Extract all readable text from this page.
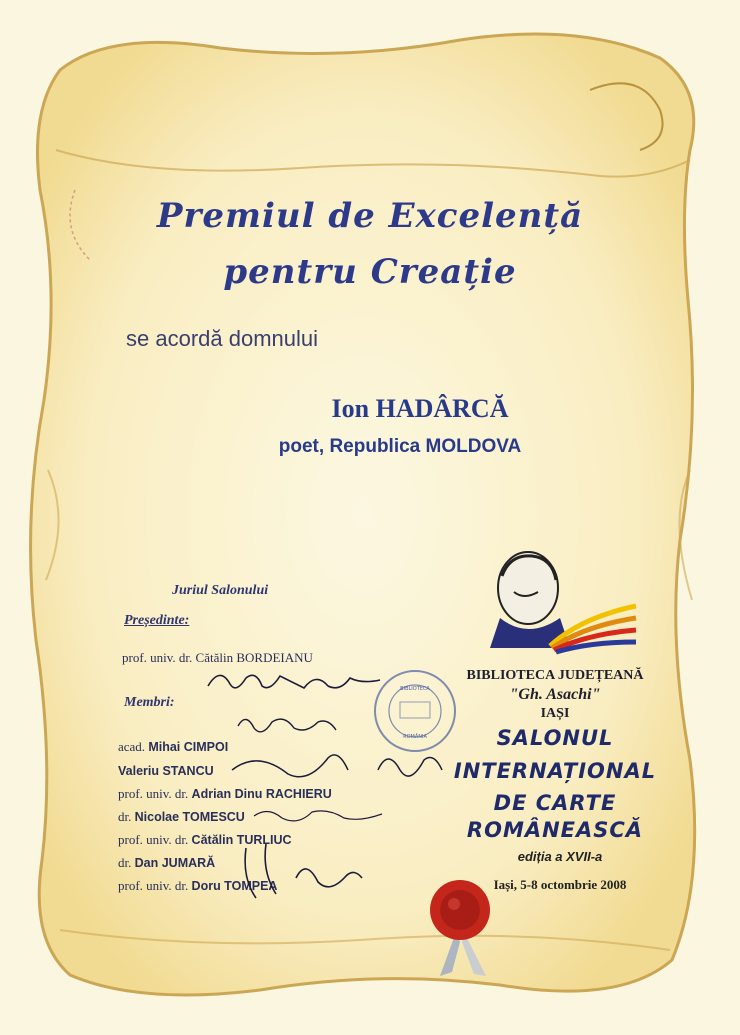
Premiul de Excelență
pentru Creație
se acordă domnului
Ion HADÂRCĂ
poet, Republica MOLDOVA
Juriul Salonului
Președinte:
prof. univ. dr. Cătălin BORDEIANU
Membri:
acad. Mihai CIMPOI
Valeriu STANCU
prof. univ. dr. Adrian Dinu RACHIERU
dr. Nicolae TOMESCU
prof. univ. dr. Cătălin TURLIUC
dr. Dan JUMARĂ
prof. univ. dr. Doru TOMPEA
BIBLIOTECA
ROMÂNIA
BIBLIOTECA JUDEȚEANĂ
"Gh. Asachi"
IAȘI
SALONUL
INTERNAȚIONAL
DE CARTE
ROMÂNEASCĂ
ediția a XVII-a
Iași, 5-8 octombrie 2008
